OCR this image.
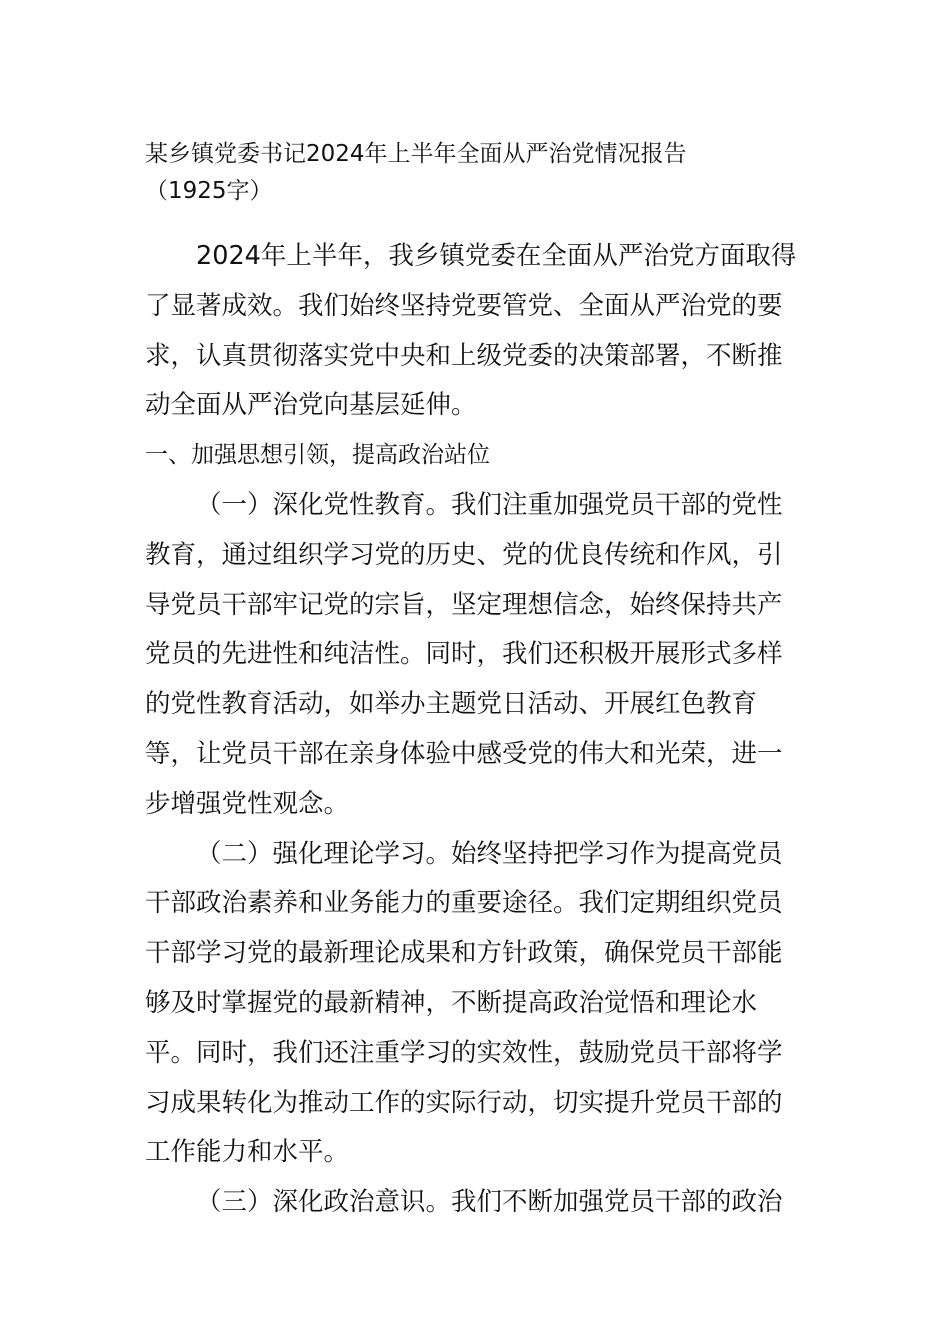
某乡镇党委书记2024年上半年全面从严治党情况报告
（1925字）

2024年上半年，我乡镇党委在全面从严治党方面取得
了显著成效。我们始终坚持党要管党、全面从严治党的要
求，认真贯彻落实党中央和上级党委的决策部署，不断推
动全面从严治党向基层延伸。

一、加强思想引领，提高政治站位

（一）深化党性教育。我们注重加强党员干部的党性
教育，通过组织学习党的历史、党的优良传统和作风，引
导党员干部牢记党的宗旨，坚定理想信念，始终保持共产
党员的先进性和纯洁性。同时，我们还积极开展形式多样
的党性教育活动，如举办主题党日活动、开展红色教育
等，让党员干部在亲身体验中感受党的伟大和光荣，进一
步增强党性观念。

（二）强化理论学习。始终坚持把学习作为提高党员
干部政治素养和业务能力的重要途径。我们定期组织党员
干部学习党的最新理论成果和方针政策，确保党员干部能
够及时掌握党的最新精神，不断提高政治觉悟和理论水
平。同时，我们还注重学习的实效性，鼓励党员干部将学
习成果转化为推动工作的实际行动，切实提升党员干部的
工作能力和水平。

（三）深化政治意识。我们不断加强党员干部的政治
